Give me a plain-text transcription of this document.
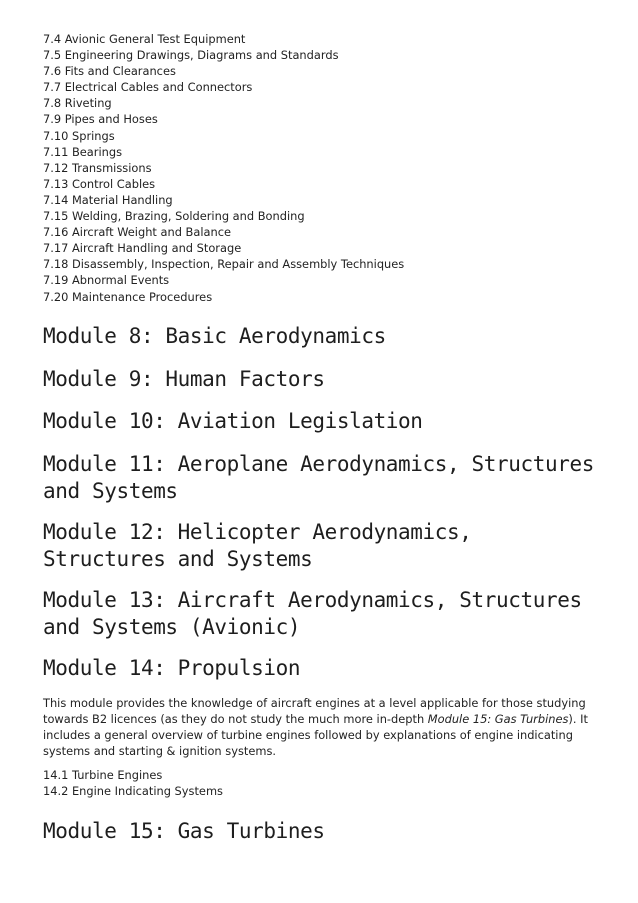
7.4 Avionic General Test Equipment
7.5 Engineering Drawings, Diagrams and Standards
7.6 Fits and Clearances
7.7 Electrical Cables and Connectors
7.8 Riveting
7.9 Pipes and Hoses
7.10 Springs
7.11 Bearings
7.12 Transmissions
7.13 Control Cables
7.14 Material Handling
7.15 Welding, Brazing, Soldering and Bonding
7.16 Aircraft Weight and Balance
7.17 Aircraft Handling and Storage
7.18 Disassembly, Inspection, Repair and Assembly Techniques
7.19 Abnormal Events
7.20 Maintenance Procedures
Module 8: Basic Aerodynamics
Module 9: Human Factors
Module 10: Aviation Legislation
Module 11: Aeroplane Aerodynamics, Structures and Systems
Module 12: Helicopter Aerodynamics, Structures and Systems
Module 13: Aircraft Aerodynamics, Structures and Systems (Avionic)
Module 14: Propulsion

This module provides the knowledge of aircraft engines at a level applicable for those studying towards B2 licences (as they do not study the much more in-depth Module 15: Gas Turbines). It includes a general overview of turbine engines followed by explanations of engine indicating systems and starting & ignition systems.

14.1 Turbine Engines
14.2 Engine Indicating Systems
Module 15: Gas Turbines
